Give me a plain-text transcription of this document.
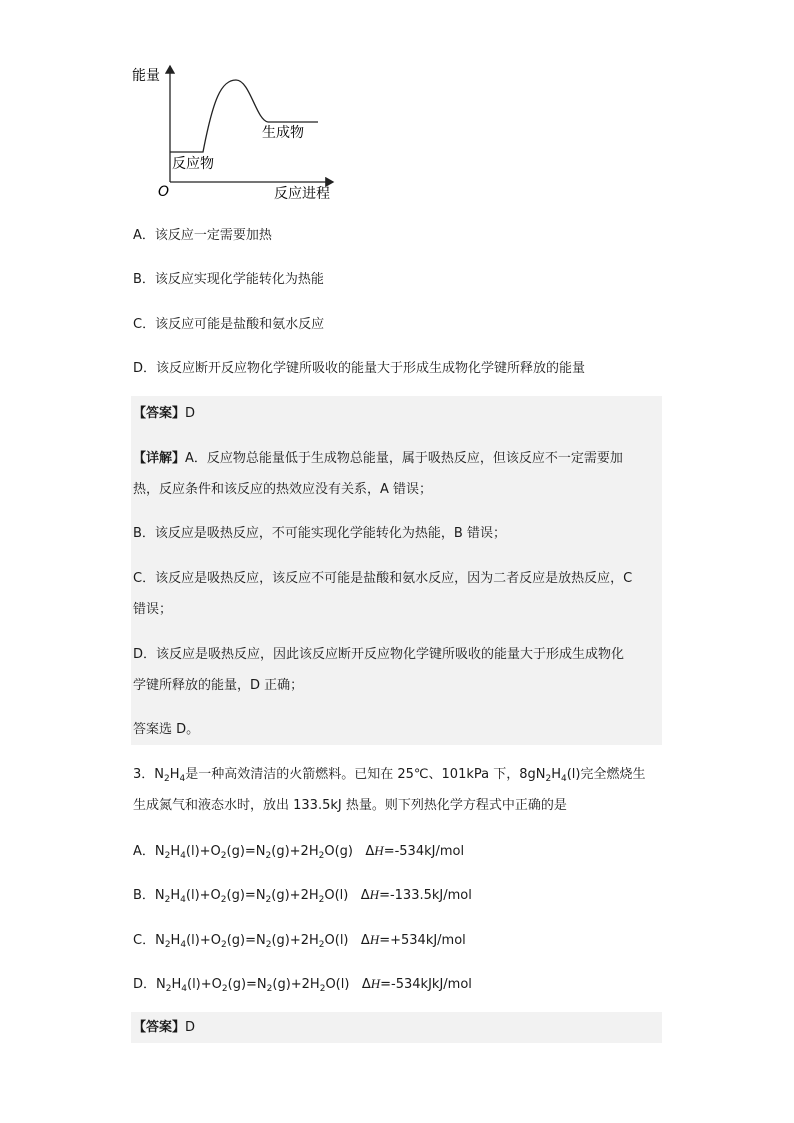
能量
O	反应进程
反应物
生成物
A．该反应一定需要加热
B．该反应实现化学能转化为热能
C．该反应可能是盐酸和氨水反应
D．该反应断开反应物化学键所吸收的能量大于形成生成物化学键所释放的能量
【答案】D
【详解】A．反应物总能量低于生成物总能量，属于吸热反应，但该反应不一定需要加
热，反应条件和该反应的热效应没有关系，A 错误；
B．该反应是吸热反应，不可能实现化学能转化为热能，B 错误；
C．该反应是吸热反应，该反应不可能是盐酸和氨水反应，因为二者反应是放热反应，C
错误；
D．该反应是吸热反应，因此该反应断开反应物化学键所吸收的能量大于形成生成物化
学键所释放的能量，D 正确；
答案选 D。
3．$N_2H_4$是一种高效清洁的火箭燃料。已知在 25℃、101kPa 下，$8gN_2H_4(l)$完全燃烧生
生成氮气和液态水时，放出 133.5kJ 热量。则下列热化学方程式中正确的是
A．$N_2H_4(l)+O_2(g)=N_2(g)+2H_2O(g)$ ΔH=-534kJ/mol
B．$N_2H_4(l)+O_2(g)=N_2(g)+2H_2O(l)$ ΔH=-133.5kJ/mol
C．$N_2H_4(l)+O_2(g)=N_2(g)+2H_2O(l)$ ΔH=+534kJ/mol
D．$N_2H_4(l)+O_2(g)=N_2(g)+2H_2O(l)$ ΔH=-534kJkJ/mol
【答案】D
